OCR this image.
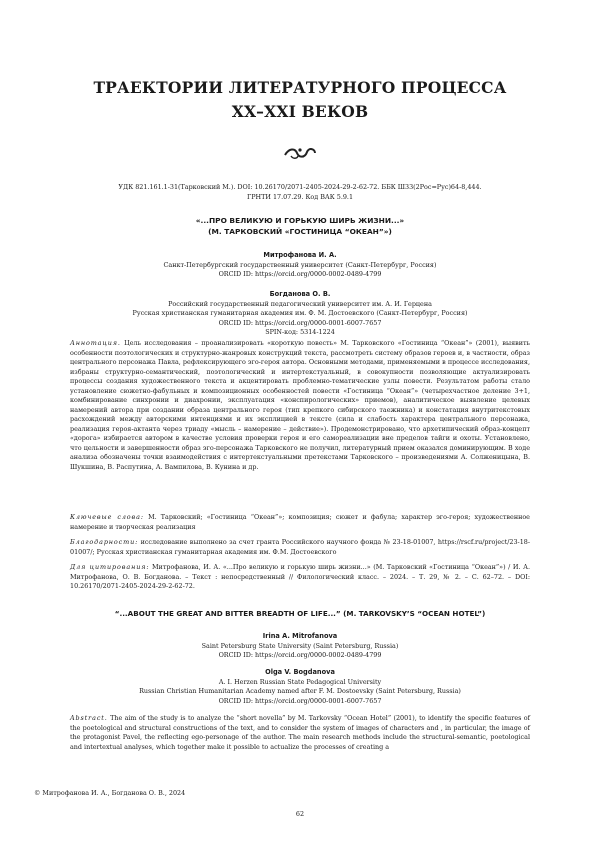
ТРАЕКТОРИИ ЛИТЕРАТУРНОГО ПРОЦЕССА
XX–XXI ВЕКОВ
УДК 821.161.1-31(Тарковский М.). DOI: 10.26170/2071-2405-2024-29-2-62-72. ББК Ш33(2Рос=Рус)64-8,444.
ГРНТИ 17.07.29. Код ВАК 5.9.1
«...ПРО ВЕЛИКУЮ И ГОРЬКУЮ ШИРЬ ЖИЗНИ...»
(М. ТАРКОВСКИЙ «ГОСТИНИЦА “ОКЕАН”»)
Митрофанова И. А.
Санкт-Петербургский государственный университет (Санкт-Петербург, Россия)
ORCID ID: https://orcid.org/0000-0002-0489-4799
Богданова О. В.
Российский государственный педагогический университет им. А. И. Герцена
Русская христианская гуманитарная академия им. Ф. М. Достоевского (Санкт-Петербург, Россия)
ORCID ID: https://orcid.org/0000-0001-6007-7657
SPIN-код: 5314-1224

Аннотация. Цель исследования – проанализировать «короткую повесть» М. Тарковского «Гостиница “Океан”» (2001), выявить особенности поэтологических и структурно-жанровых конструкций текста, рассмотреть систему образов героев и, в частности, образ центрального персонажа Павла, рефлексирующего эго-героя автора. Основными методами, применяемыми в процессе исследования, избраны структурно-семантический, поэтологический и интертекстуальный, в совокупности позволяющие актуализировать процессы создания художественного текста и акцентировать проблемно-тематические узлы повести. Результатом работы стало установление сюжетно-фабульных и композиционных особенностей повести «Гостиница “Океан”» (четырехчастное деление 3+1, комбинирование синхронии и диахронии, эксплуатация «конспирологических» приемов), аналитическое выявление целевых намерений автора при создании образа центрального героя (тип крепкого сибирского таежника) и констатация внутритекстовых расхождений между авторскими интенциями и их эксплицией в тексте (сила и слабость характера центрального персонажа, реализация героя-актанта через триаду «мысль – намерение – действие»). Продемонстрировано, что архетипический образ-концепт «дорога» избирается автором в качестве условия проверки героя и его самореализации вне пределов тайги и охоты. Установлено, что цельности и завершенности образ эго-персонажа Тарковского не получил, литературный прием оказался доминирующим. В ходе анализа обозначены точки взаимодействия с интертекстуальными претекстами Тарковского – произведениями А. Солженицына, В. Шукшина, В. Распутина, А. Вампилова, В. Кунина и др.

Ключевые слова: М. Тарковский; «Гостиница “Океан”»; композиция; сюжет и фабула; характер эго-героя; художественное намерение и творческая реализация

Благодарности: исследование выполнено за счет гранта Российского научного фонда № 23-18-01007, https://rscf.ru/project/23-18-01007/; Русская христианская гуманитарная академия им. Ф.М. Достоевского

Для цитирования: Митрофанова, И. А. «...Про великую и горькую ширь жизни...» (М. Тарковский «Гостиница “Океан”») / И. А. Митрофанова, О. В. Богданова. – Текст : непосредственный // Филологический класс. – 2024. – Т. 29, № 2. – С. 62–72. – DOI: 10.26170/2071-2405-2024-29-2-62-72.

“...ABOUT THE GREAT AND BITTER BREADTH OF LIFE...” (M. TARKOVSKY’S “OCEAN HOTEL”)
Irina A. Mitrofanova
Saint Petersburg State University (Saint Petersburg, Russia)
ORCID ID: https://orcid.org/0000-0002-0489-4799
Olga V. Bogdanova
A. I. Herzen Russian State Pedagogical University
Russian Christian Humanitarian Academy named after F. M. Dostoevsky (Saint Petersburg, Russia)
ORCID ID: https://orcid.org/0000-0001-6007-7657

Abstract. The aim of the study is to analyze the “short novella” by M. Tarkovsky “Ocean Hotel” (2001), to identify the specific features of the poetological and structural constructions of the text, and to consider the system of images of characters and , in particular, the image of the protagonist Pavel, the reflecting ego-personage of the author. The main research methods include the structural-semantic, poetological and intertextual analyses, which together make it possible to actualize the processes of creating a

© Митрофанова И. А., Богданова О. В., 2024
62
